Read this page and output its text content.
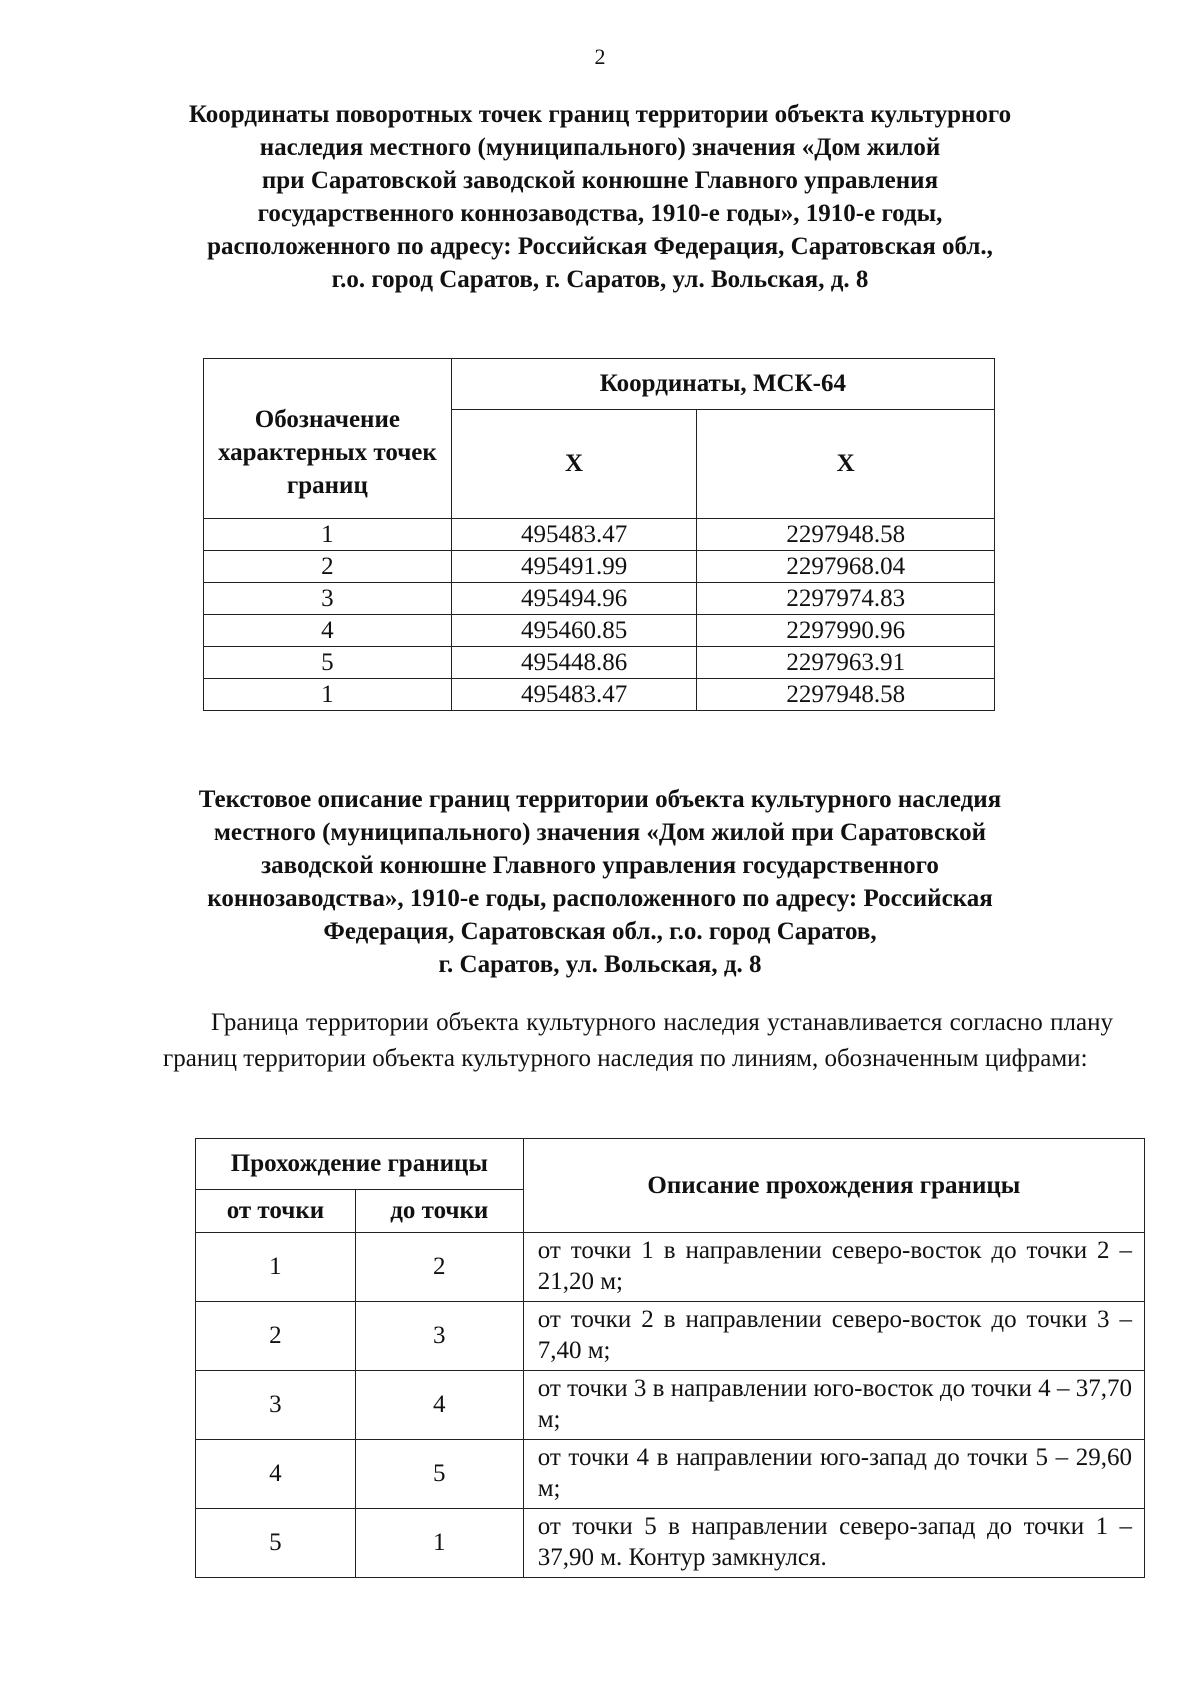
2
Координаты поворотных точек границ территории объекта культурного
наследия местного (муниципального) значения «Дом жилой
при Саратовской заводской конюшне Главного управления
государственного коннозаводства, 1910-е годы», 1910-е годы,
расположенного по адресу: Российская Федерация, Саратовская обл.,
г.о. город Саратов, г. Саратов, ул. Вольская, д. 8
Обозначение характерных точек границ	Координаты, МСК-64	
	X	X
1	495483.47	2297948.58
2	495491.99	2297968.04
3	495494.96	2297974.83
4	495460.85	2297990.96
5	495448.86	2297963.91
1	495483.47	2297948.58
Текстовое описание границ территории объекта культурного наследия
местного (муниципального) значения «Дом жилой при Саратовской
заводской конюшне Главного управления государственного
коннозаводства», 1910-е годы, расположенного по адресу: Российская
Федерация, Саратовская обл., г.о. город Саратов,
г. Саратов, ул. Вольская, д. 8
Граница территории объекта культурного наследия устанавливается согласно плану границ территории объекта культурного наследия по линиям, обозначенным цифрами:
Прохождение границы		Описание прохождения границы
от точки	до точки	
1	2	от точки 1 в направлении северо-восток до точки 2 – 21,20 м;
2	3	от точки 2 в направлении северо-восток до точки 3 – 7,40 м;
3	4	от точки 3 в направлении юго-восток до точки 4 – 37,70 м;
4	5	от точки 4 в направлении юго-запад до точки 5 – 29,60 м;
5	1	от точки 5 в направлении северо-запад до точки 1 – 37,90 м. Контур замкнулся.
